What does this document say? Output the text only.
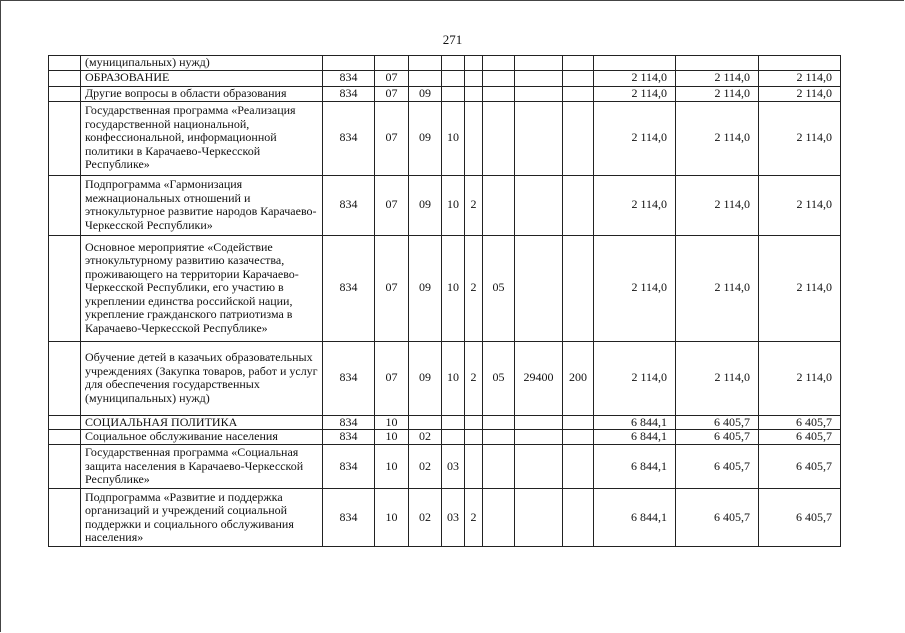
271
	(муниципальных) нужд)											
	ОБРАЗОВАНИЕ	834	07							2 114,0	2 114,0	2 114,0
	Другие вопросы в области образования	834	07	09						2 114,0	2 114,0	2 114,0
	Государственная программа «Реализация государственной национальной, конфессиональной, информационной политики в Карачаево-Черкесской Республике»	834	07	09	10					2 114,0	2 114,0	2 114,0
	Подпрограмма «Гармонизация межнациональных отношений и этнокультурное развитие народов Карачаево-Черкесской Республики»	834	07	09	10	2				2 114,0	2 114,0	2 114,0
	Основное мероприятие «Содействие этнокультурному развитию казачества, проживающего на территории Карачаево-Черкесской Республики, его участию в укреплении единства российской нации, укрепление гражданского патриотизма в Карачаево-Черкесской Республике»	834	07	09	10	2	05			2 114,0	2 114,0	2 114,0
	Обучение детей в казачьих образовательных учреждениях (Закупка товаров, работ и услуг для обеспечения государственных (муниципальных) нужд)	834	07	09	10	2	05	29400	200	2 114,0	2 114,0	2 114,0
	СОЦИАЛЬНАЯ ПОЛИТИКА	834	10							6 844,1	6 405,7	6 405,7
	Социальное обслуживание населения	834	10	02						6 844,1	6 405,7	6 405,7
	Государственная программа «Социальная защита населения в Карачаево-Черкесской Республике»	834	10	02	03					6 844,1	6 405,7	6 405,7
	Подпрограмма «Развитие и поддержка организаций и учреждений социальной поддержки и социального обслуживания населения»	834	10	02	03	2				6 844,1	6 405,7	6 405,7
